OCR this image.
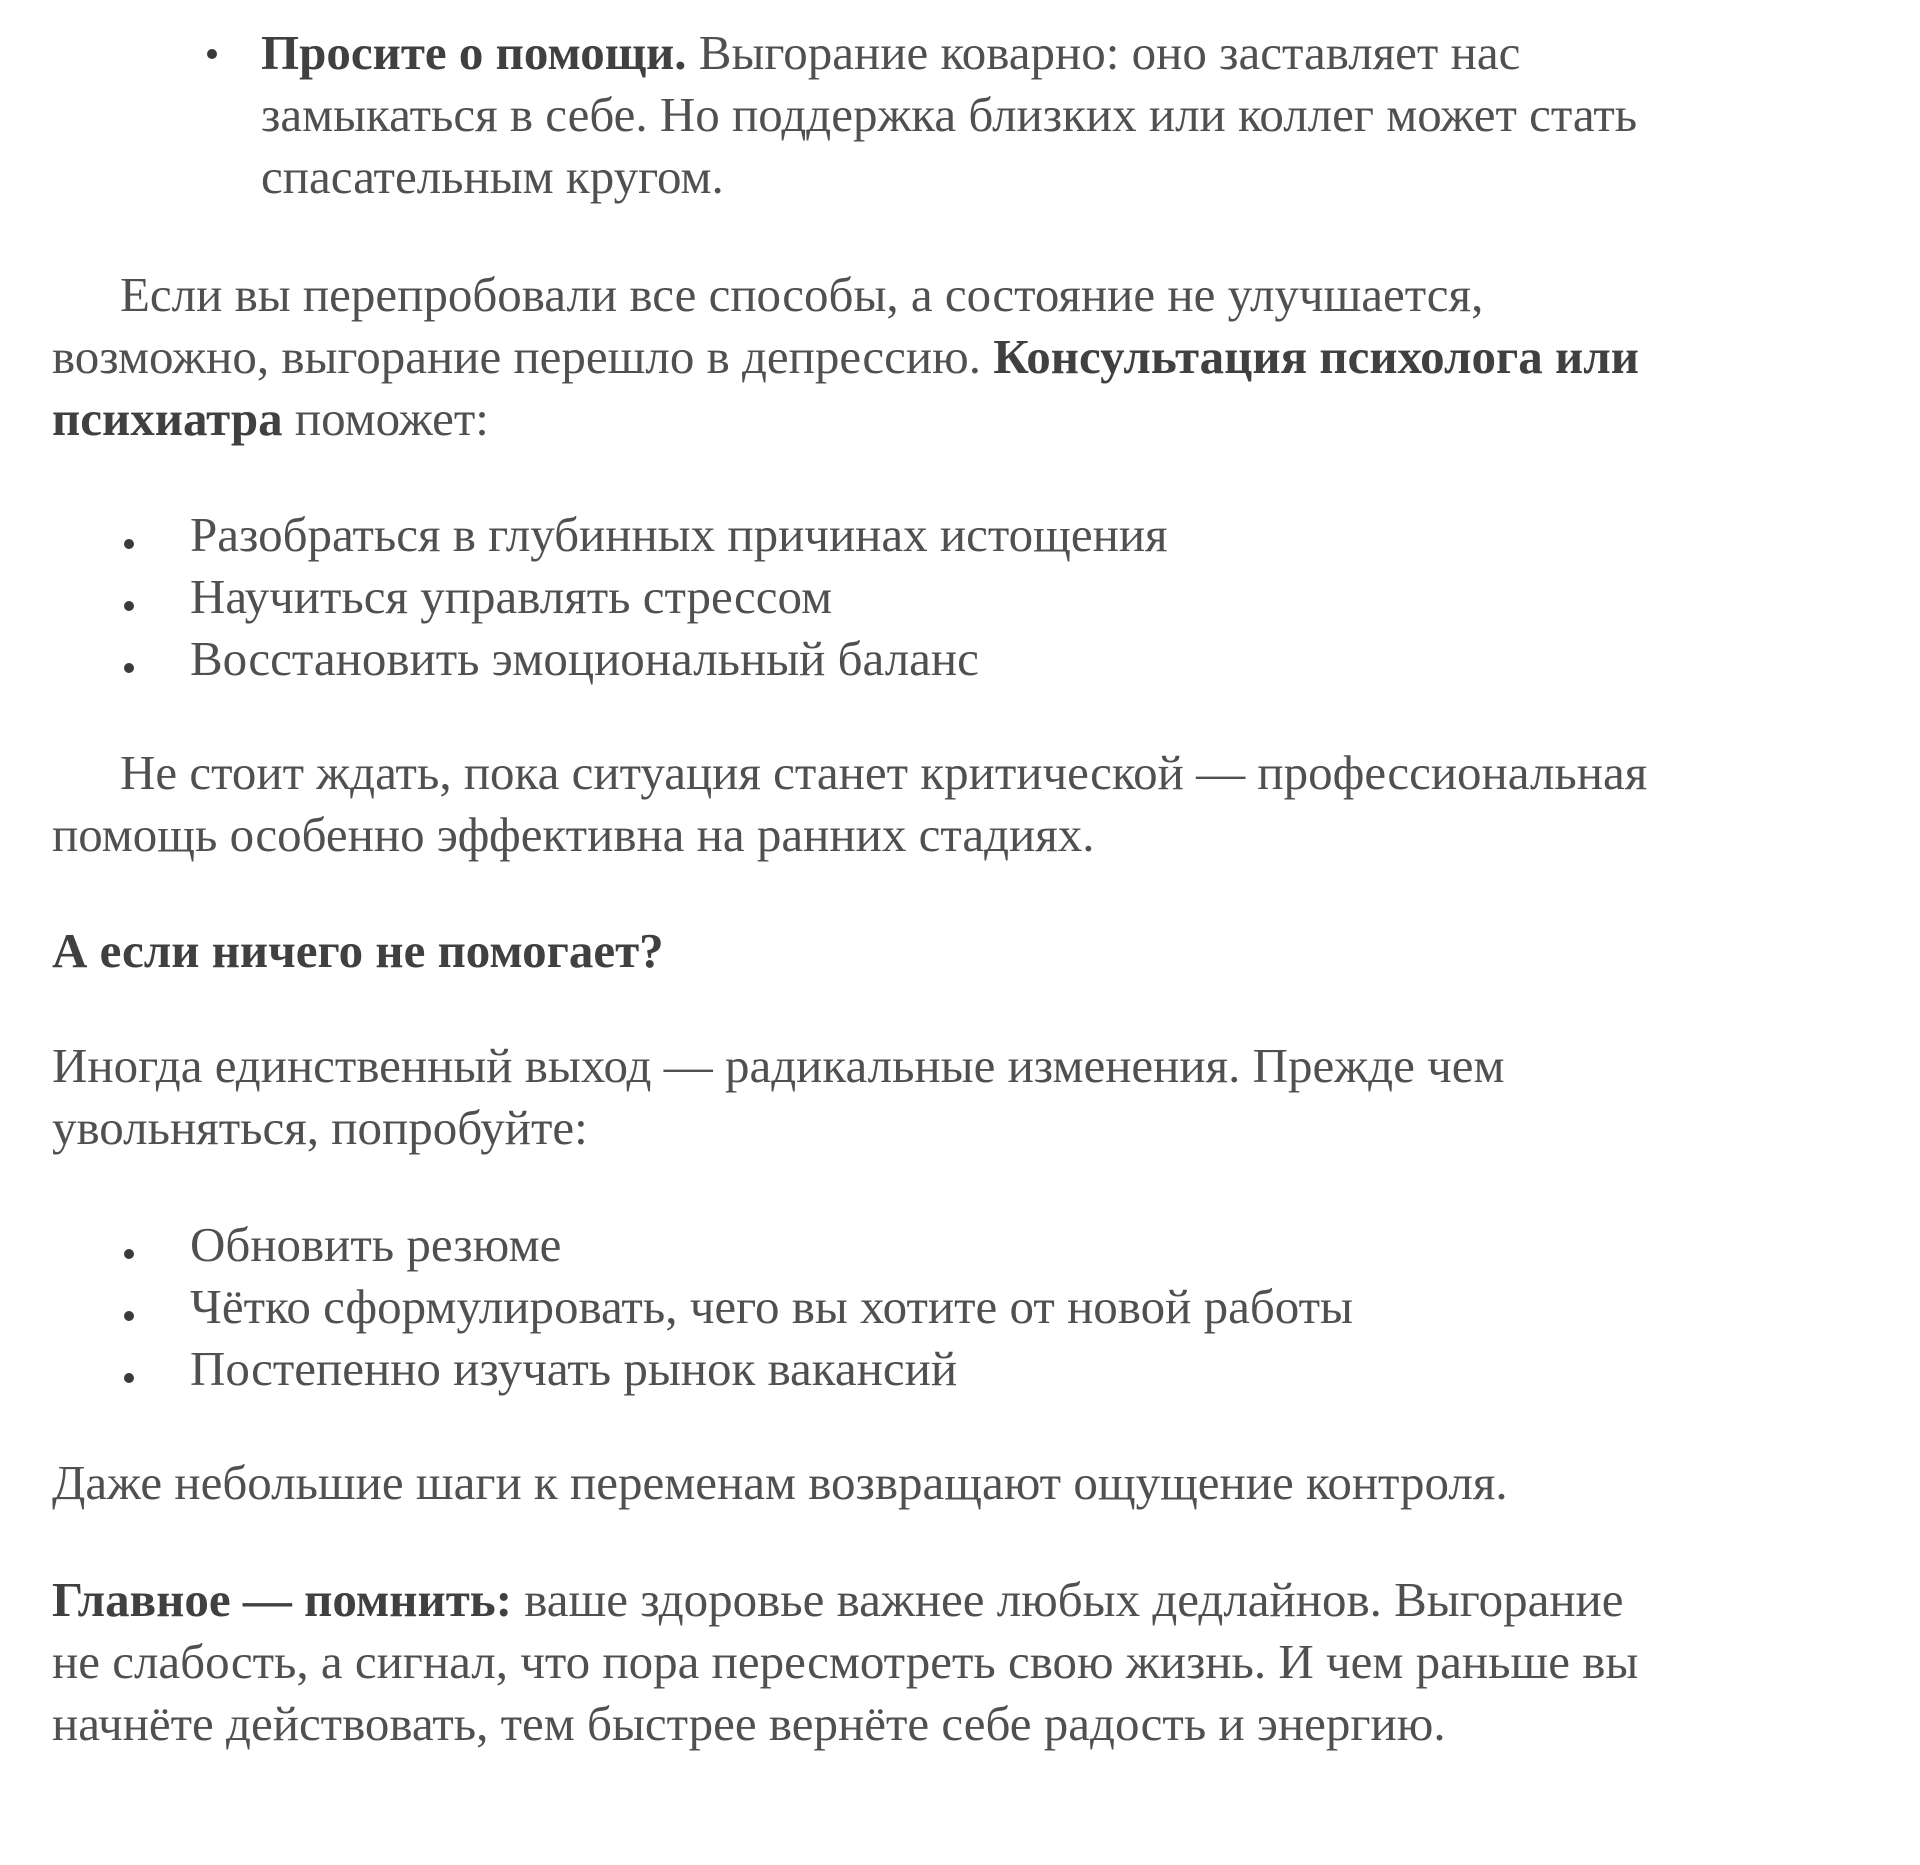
Просите о помощи. Выгорание коварно: оно заставляет нас
замыкаться в себе. Но поддержка близких или коллег может стать
спасательным кругом.
Если вы перепробовали все способы, а состояние не улучшается,
возможно, выгорание перешло в депрессию. Консультация психолога или
психиатра поможет:
Разобраться в глубинных причинах истощения
Научиться управлять стрессом
Восстановить эмоциональный баланс
Не стоит ждать, пока ситуация станет критической — профессиональная
помощь особенно эффективна на ранних стадиях.
А если ничего не помогает?
Иногда единственный выход — радикальные изменения. Прежде чем
увольняться, попробуйте:
Обновить резюме
Чётко сформулировать, чего вы хотите от новой работы
Постепенно изучать рынок вакансий
Даже небольшие шаги к переменам возвращают ощущение контроля.
Главное — помнить: ваше здоровье важнее любых дедлайнов. Выгорание
не слабость, а сигнал, что пора пересмотреть свою жизнь. И чем раньше вы
начнёте действовать, тем быстрее вернёте себе радость и энергию.
